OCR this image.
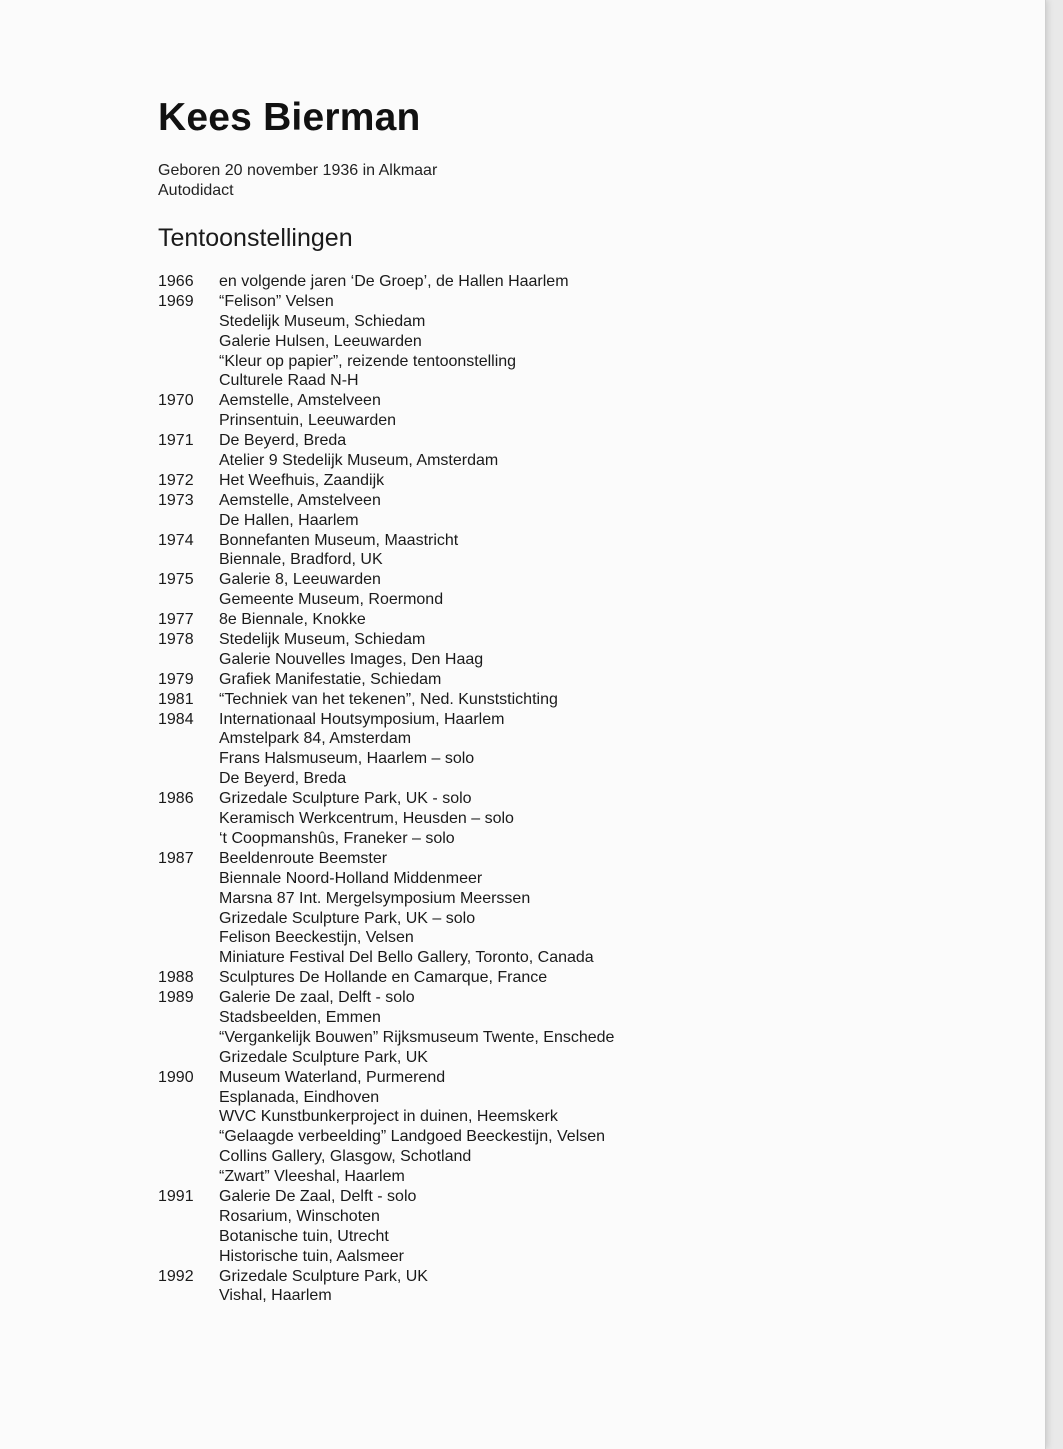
Kees Bierman
Geboren 20 november 1936 in Alkmaar
Autodidact
Tentoonstellingen
1966	en volgende jaren ‘De Groep’, de Hallen Haarlem
1969	“Felison” Velsen
Stedelijk Museum, Schiedam
Galerie Hulsen, Leeuwarden
“Kleur op papier”, reizende tentoonstelling
Culturele Raad N-H
1970	Aemstelle, Amstelveen
Prinsentuin, Leeuwarden
1971	De Beyerd, Breda
Atelier 9 Stedelijk Museum, Amsterdam
1972	Het Weefhuis, Zaandijk
1973	Aemstelle, Amstelveen
De Hallen, Haarlem
1974	Bonnefanten Museum, Maastricht
Biennale, Bradford, UK
1975	Galerie 8, Leeuwarden
Gemeente Museum, Roermond
1977	8e Biennale, Knokke
1978	Stedelijk Museum, Schiedam
Galerie Nouvelles Images, Den Haag
1979	Grafiek Manifestatie, Schiedam
1981	“Techniek van het tekenen”, Ned. Kunststichting
1984	Internationaal Houtsymposium, Haarlem
Amstelpark 84, Amsterdam
Frans Halsmuseum, Haarlem – solo
De Beyerd, Breda
1986	Grizedale Sculpture Park, UK - solo
Keramisch Werkcentrum, Heusden – solo
‘t Coopmanshûs, Franeker – solo
1987	Beeldenroute Beemster
Biennale Noord-Holland Middenmeer
Marsna 87 Int. Mergelsymposium Meerssen
Grizedale Sculpture Park, UK – solo
Felison Beeckestijn, Velsen
Miniature Festival Del Bello Gallery, Toronto, Canada
1988	Sculptures De Hollande en Camarque, France
1989	Galerie De zaal, Delft - solo
Stadsbeelden, Emmen
“Vergankelijk Bouwen” Rijksmuseum Twente, Enschede
Grizedale Sculpture Park, UK
1990	Museum Waterland, Purmerend
Esplanada, Eindhoven
WVC Kunstbunkerproject in duinen, Heemskerk
“Gelaagde verbeelding” Landgoed Beeckestijn, Velsen
Collins Gallery, Glasgow, Schotland
“Zwart” Vleeshal, Haarlem
1991	Galerie De Zaal, Delft - solo
Rosarium, Winschoten
Botanische tuin, Utrecht
Historische tuin, Aalsmeer
1992	Grizedale Sculpture Park, UK
Vishal, Haarlem
